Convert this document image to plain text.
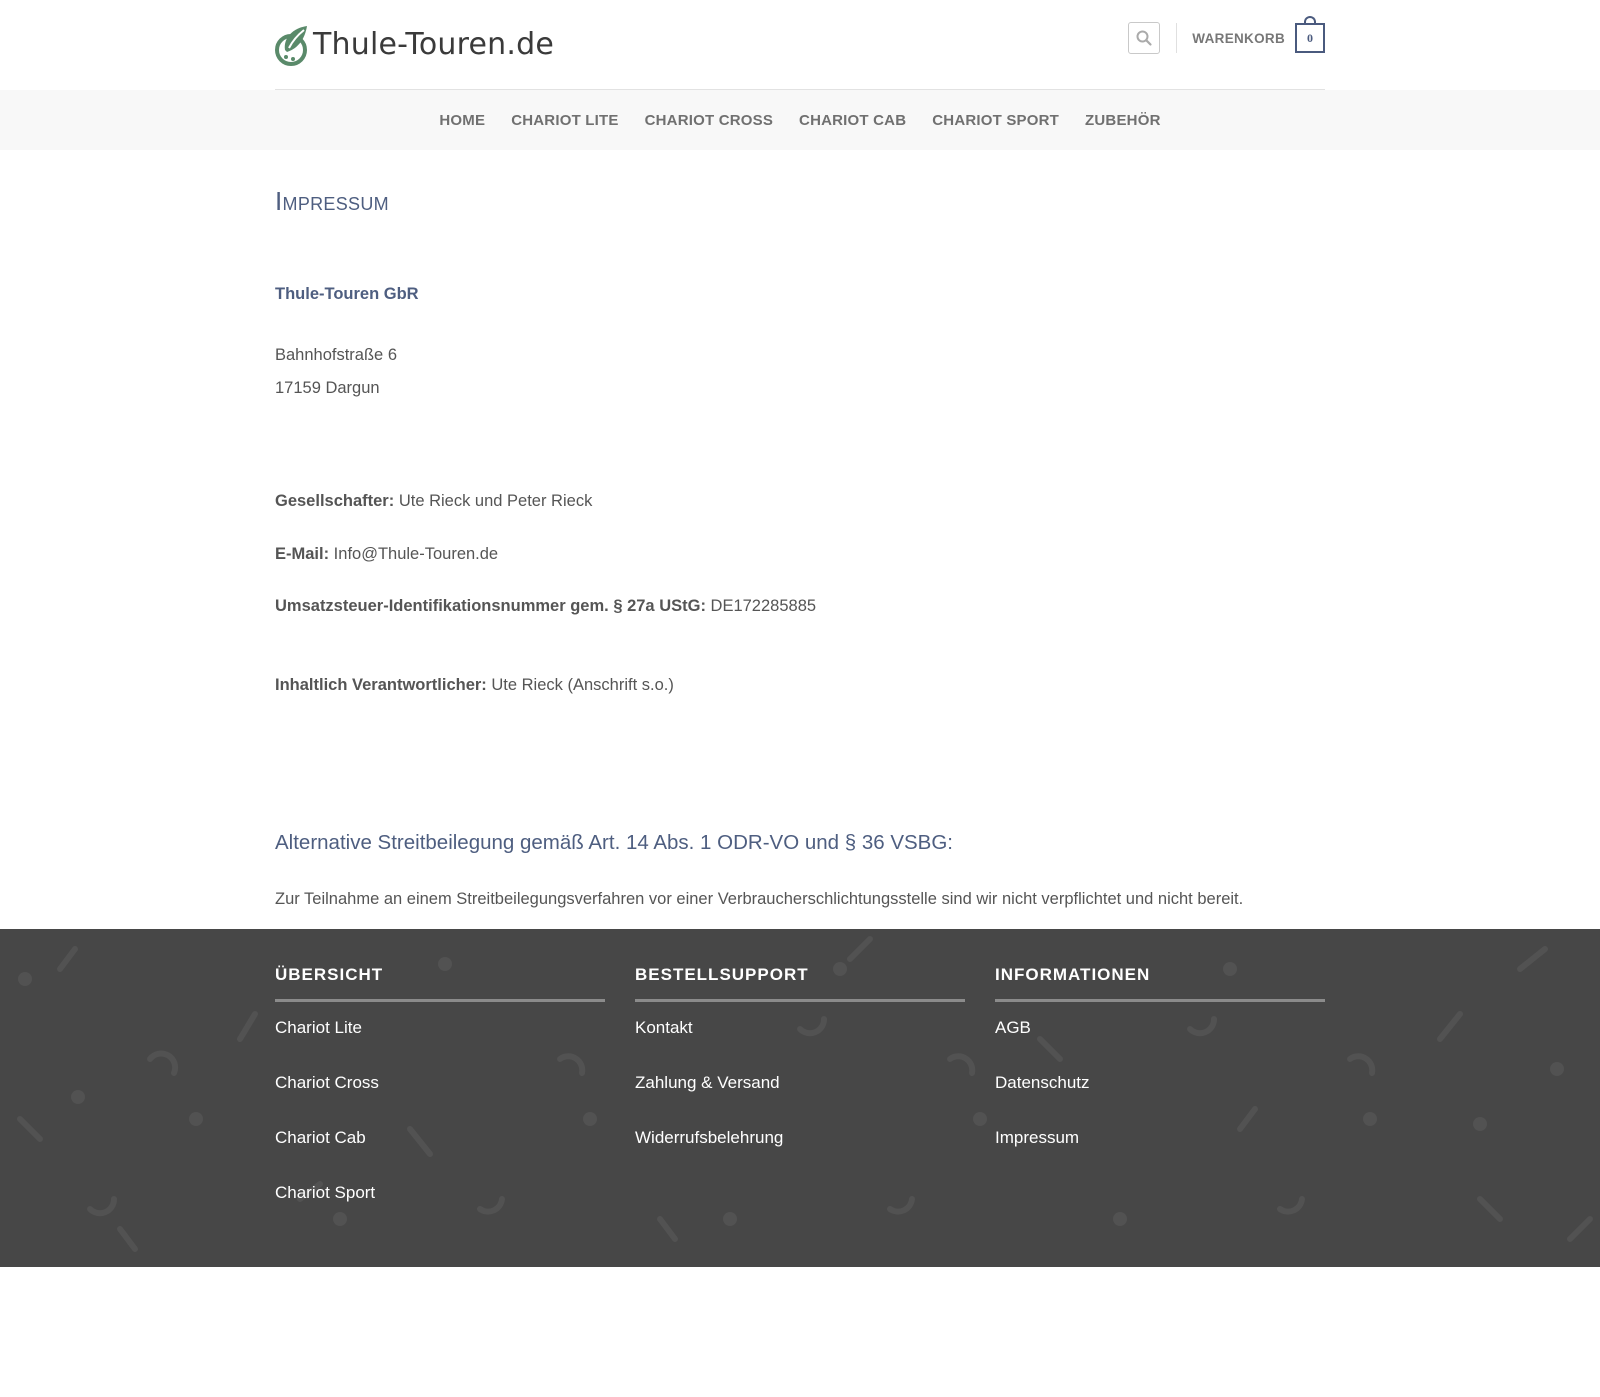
Thule-Touren.de	WARENKORB	0
HOME CHARIOT LITE CHARIOT CROSS CHARIOT CAB CHARIOT SPORT ZUBEHÖR
Impressum
Thule-Touren GbR
Bahnhofstraße 6
17159 Dargun
Gesellschafter: Ute Rieck und Peter Rieck
E-Mail: Info@Thule-Touren.de
Umsatzsteuer-Identifikationsnummer gem. § 27a UStG: DE172285885
Inhaltlich Verantwortlicher: Ute Rieck (Anschrift s.o.)
Alternative Streitbeilegung gemäß Art. 14 Abs. 1 ODR-VO und § 36 VSBG:
Zur Teilnahme an einem Streitbeilegungsverfahren vor einer Verbraucherschlichtungsstelle sind wir nicht verpflichtet und nicht bereit.
ÜBERSICHT
Chariot Lite
Chariot Cross
Chariot Cab
Chariot Sport
BESTELLSUPPORT
Kontakt
Zahlung & Versand
Widerrufsbelehrung
INFORMATIONEN
AGB
Datenschutz
Impressum
Alle Preise inkl. gesetzl. Mehrwertsteuer zzgl. Versandkosten, wenn nicht anders beschrieben. Die durchgestrichenen Preise entsprechen dem UVP.
